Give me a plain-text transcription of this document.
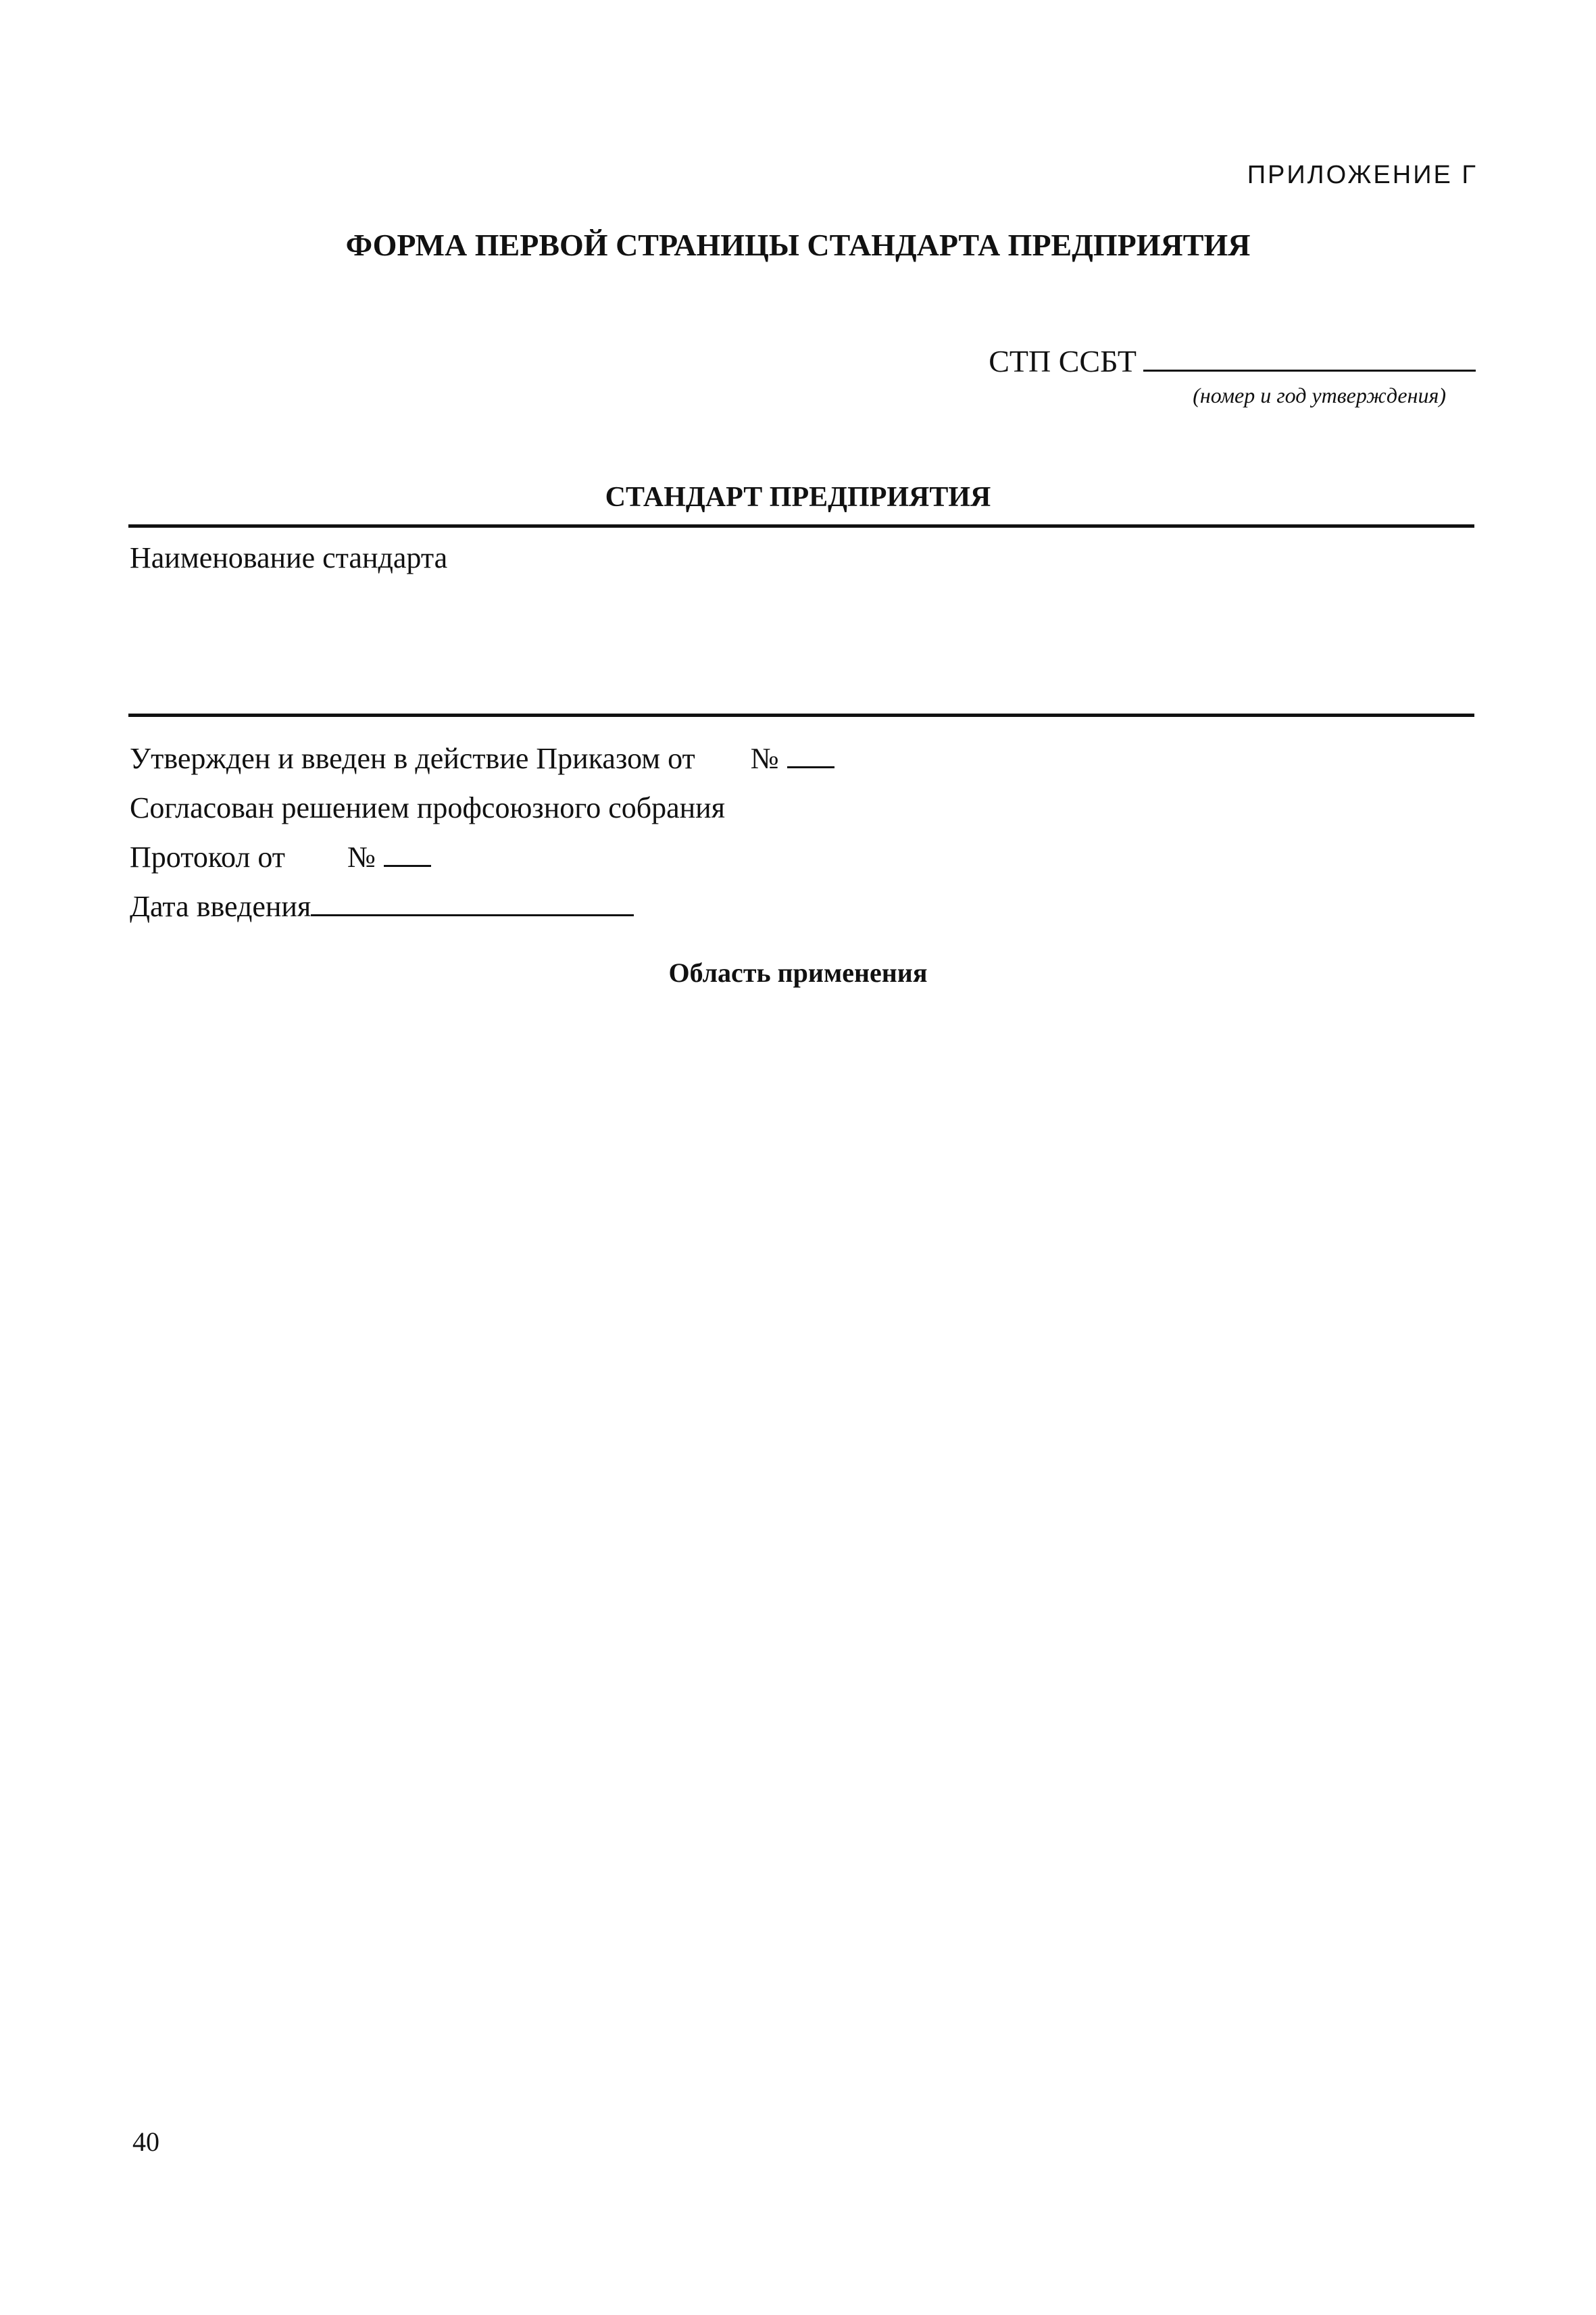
ПРИЛОЖЕНИЕ Г
ФОРМА ПЕРВОЙ СТРАНИЦЫ СТАНДАРТА ПРЕДПРИЯТИЯ
СТП ССБТ
(номер и год утверждения)
СТАНДАРТ ПРЕДПРИЯТИЯ
Наименование стандарта
Утвержден и введен в действие Приказом от №
Согласован решением профсоюзного собрания
Протокол от №
Дата введения
Область применения
40
